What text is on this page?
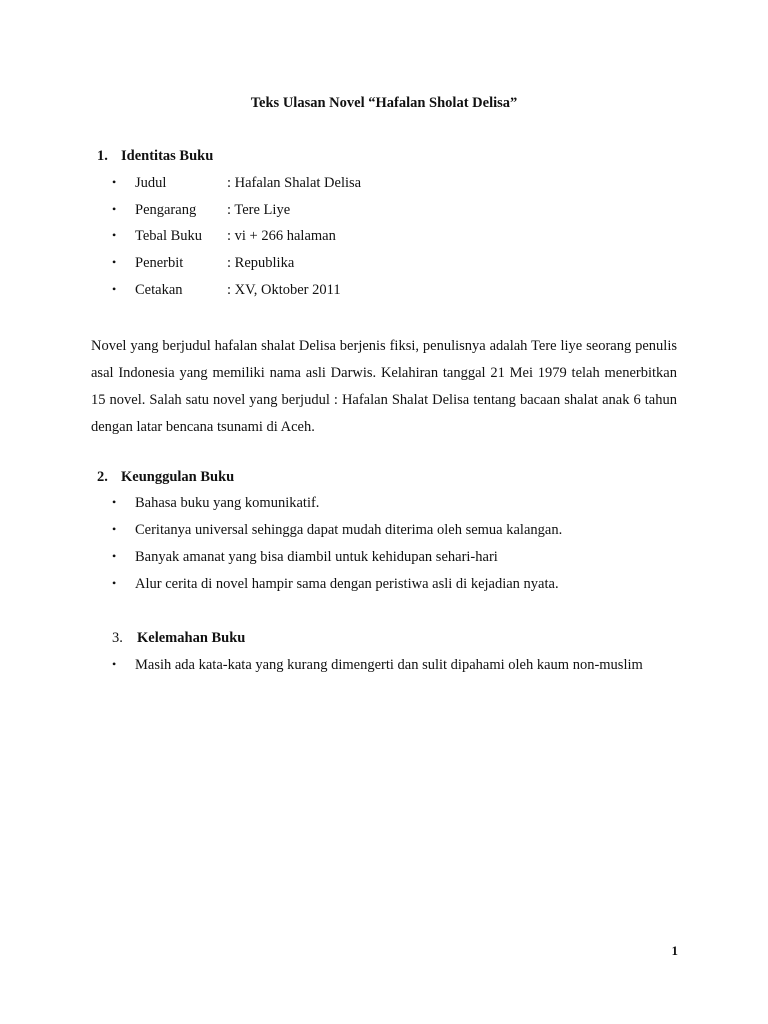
Teks Ulasan Novel “Hafalan Sholat Delisa”
1. Identitas Buku
• Judul	: Hafalan Shalat Delisa
• Pengarang : Tere Liye
• Tebal Buku : vi + 266 halaman
• Penerbit	: Republika
• Cetakan	: XV, Oktober 2011
Novel yang berjudul hafalan shalat Delisa berjenis fiksi, penulisnya adalah Tere liye seorang penulis asal Indonesia yang memiliki nama asli Darwis. Kelahiran tanggal 21 Mei 1979 telah menerbitkan 15 novel. Salah satu novel yang berjudul : Hafalan Shalat Delisa tentang bacaan shalat anak 6 tahun dengan latar bencana tsunami di Aceh.
2. Keunggulan Buku
• Bahasa buku yang komunikatif.
• Ceritanya universal sehingga dapat mudah diterima oleh semua kalangan.
• Banyak amanat yang bisa diambil untuk kehidupan sehari-hari
• Alur cerita di novel hampir sama dengan peristiwa asli di kejadian nyata.
3. Kelemahan Buku
• Masih ada kata-kata yang kurang dimengerti dan sulit dipahami oleh kaum non-muslim
1
